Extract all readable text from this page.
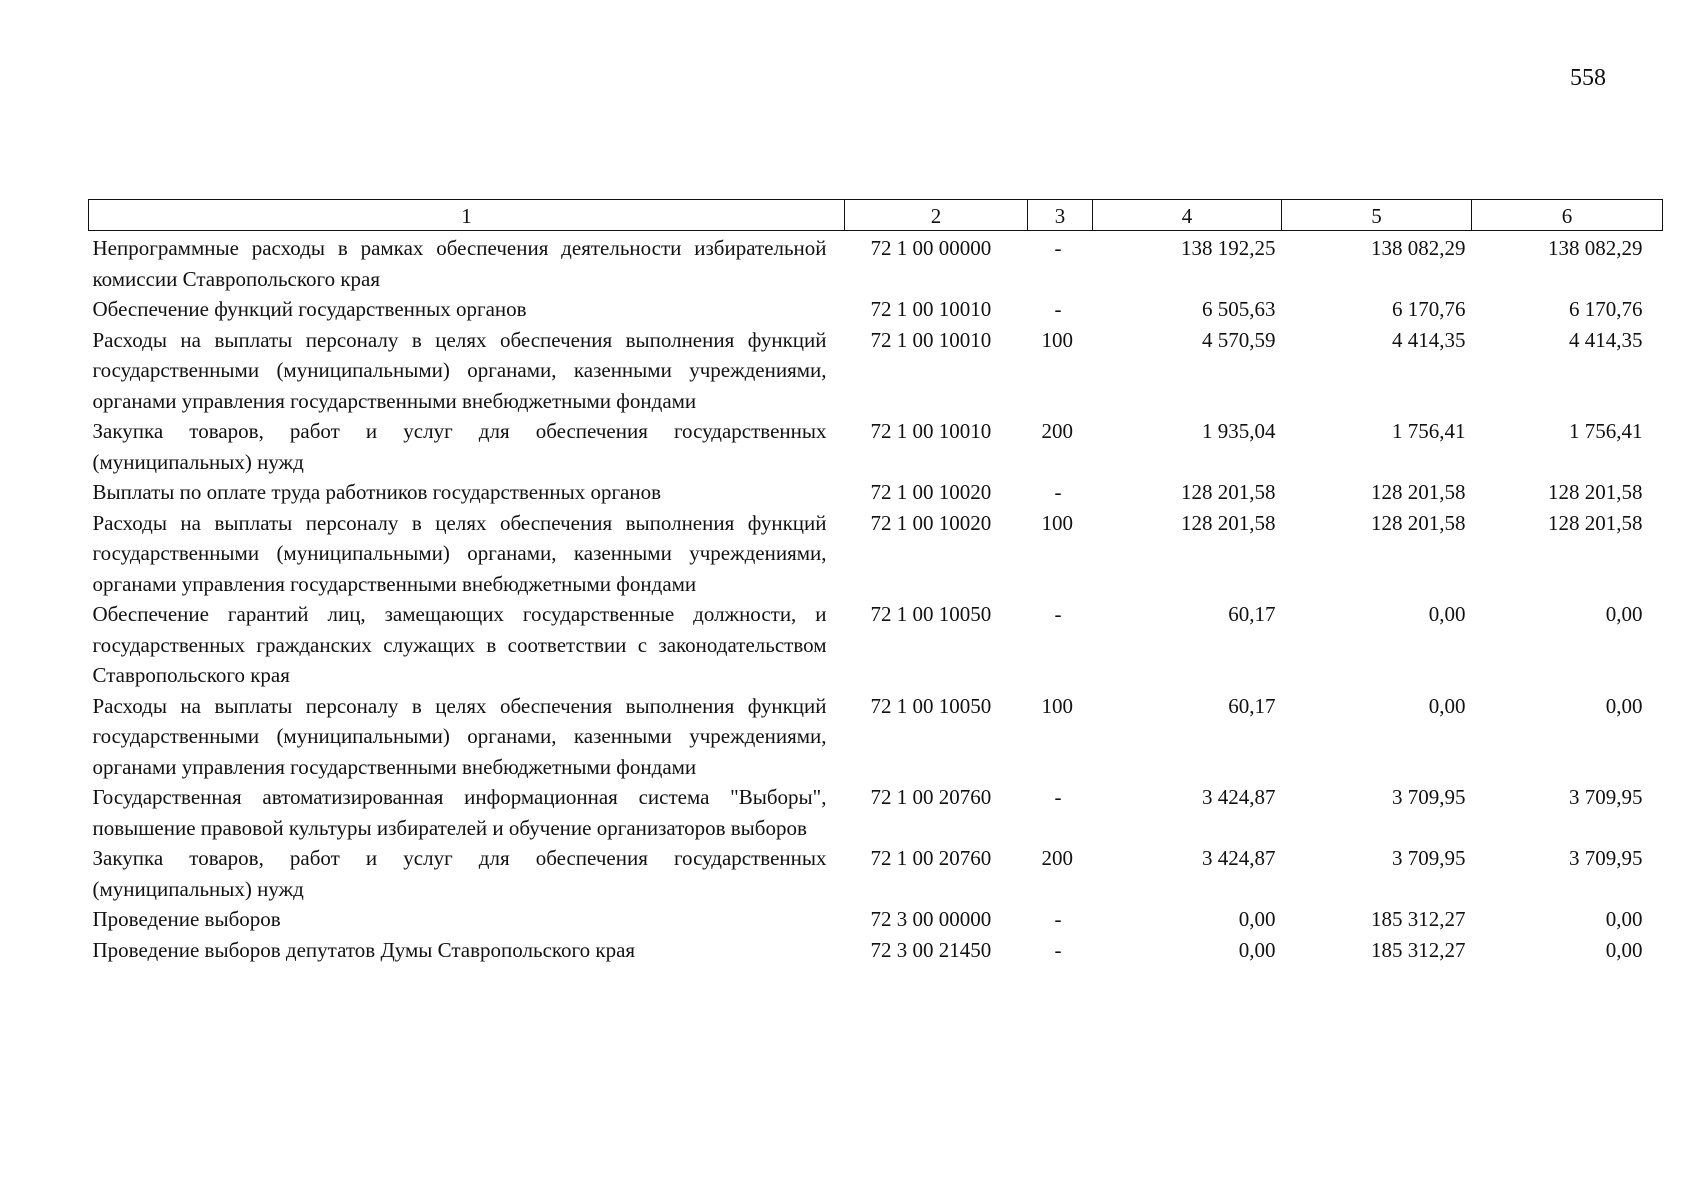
558
1	2	3	4	5	6
Непрограммные расходы в рамках обеспечения деятельности избирательной комиссии Ставропольского края	72 1 00 00000	-	138 192,25	138 082,29	138 082,29
Обеспечение функций государственных органов	72 1 00 10010	-	6 505,63	6 170,76	6 170,76
Расходы на выплаты персоналу в целях обеспечения выполнения функций государственными (муниципальными) органами, казенными учреждениями, органами управления государственными внебюджетными фондами	72 1 00 10010	100	4 570,59	4 414,35	4 414,35
Закупка товаров, работ и услуг для обеспечения государственных (муниципальных) нужд	72 1 00 10010	200	1 935,04	1 756,41	1 756,41
Выплаты по оплате труда работников государственных органов	72 1 00 10020	-	128 201,58	128 201,58	128 201,58
Расходы на выплаты персоналу в целях обеспечения выполнения функций государственными (муниципальными) органами, казенными учреждениями, органами управления государственными внебюджетными фондами	72 1 00 10020	100	128 201,58	128 201,58	128 201,58
Обеспечение гарантий лиц, замещающих государственные должности, и государственных гражданских служащих в соответствии с законодательством Ставропольского края	72 1 00 10050	-	60,17	0,00	0,00
Расходы на выплаты персоналу в целях обеспечения выполнения функций государственными (муниципальными) органами, казенными учреждениями, органами управления государственными внебюджетными фондами	72 1 00 10050	100	60,17	0,00	0,00
Государственная автоматизированная информационная система "Выборы", повышение правовой культуры избирателей и обучение организаторов выборов	72 1 00 20760	-	3 424,87	3 709,95	3 709,95
Закупка товаров, работ и услуг для обеспечения государственных (муниципальных) нужд	72 1 00 20760	200	3 424,87	3 709,95	3 709,95
Проведение выборов	72 3 00 00000	-	0,00	185 312,27	0,00
Проведение выборов депутатов Думы Ставропольского края	72 3 00 21450	-	0,00	185 312,27	0,00
